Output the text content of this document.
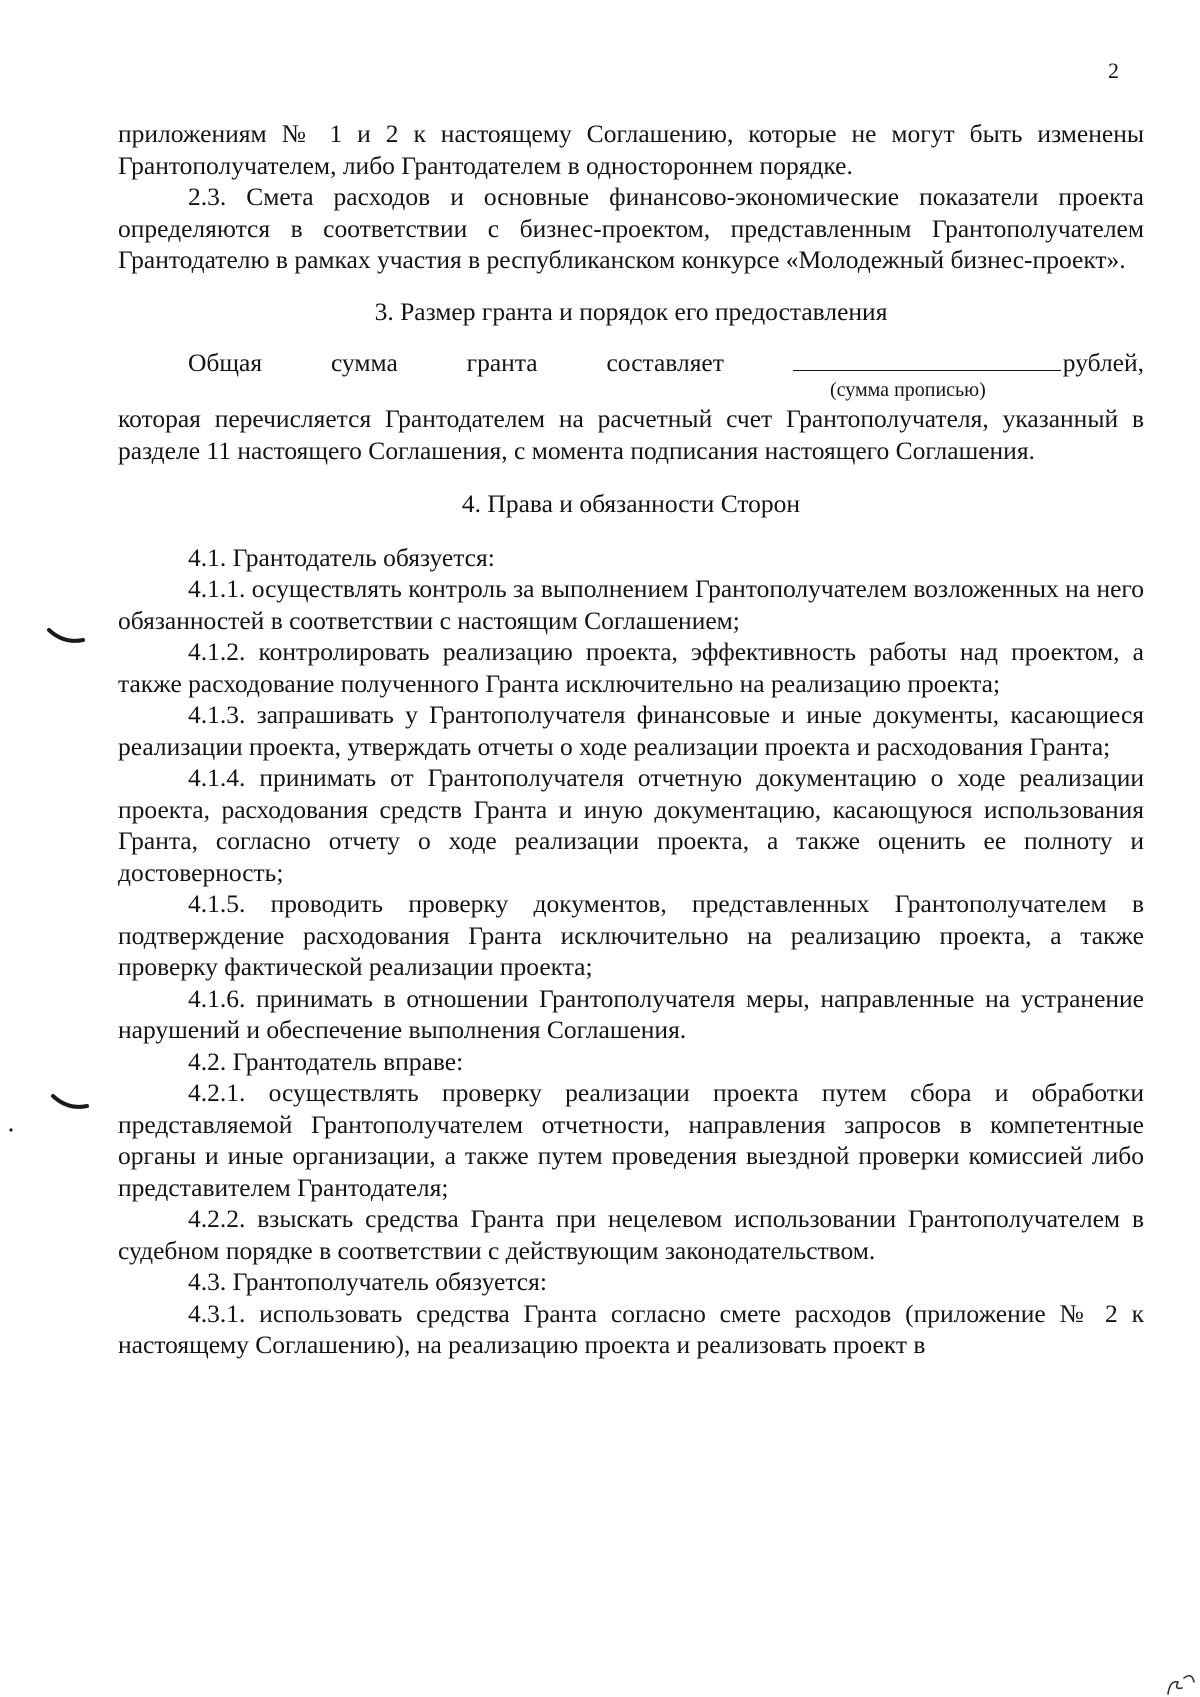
2

приложениям № 1 и 2 к настоящему Соглашению, которые не могут быть изменены Грантополучателем, либо Грантодателем в одностороннем порядке.

2.3. Смета расходов и основные финансово-экономические показатели проекта определяются в соответствии с бизнес-проектом, представленным Грантополучателем Грантодателю в рамках участия в республиканском конкурсе «Молодежный бизнес-проект».

3. Размер гранта и порядок его предоставления
Общая	сумма	гранта	составляет	рублей,
(сумма прописью)

которая перечисляется Грантодателем на расчетный счет Грантополучателя, указанный в разделе 11 настоящего Соглашения, с момента подписания настоящего Соглашения.

4. Права и обязанности Сторон

4.1. Грантодатель обязуется:

4.1.1. осуществлять контроль за выполнением Грантополучателем возложенных на него обязанностей в соответствии с настоящим Соглашением;

4.1.2. контролировать реализацию проекта, эффективность работы над проектом, а также расходование полученного Гранта исключительно на реализацию проекта;

4.1.3. запрашивать у Грантополучателя финансовые и иные документы, касающиеся реализации проекта, утверждать отчеты о ходе реализации проекта и расходования Гранта;

4.1.4. принимать от Грантополучателя отчетную документацию о ходе реализации проекта, расходования средств Гранта и иную документацию, касающуюся использования Гранта, согласно отчету о ходе реализации проекта, а также оценить ее полноту и достоверность;

4.1.5. проводить проверку документов, представленных Грантополучателем в подтверждение расходования Гранта исключительно на реализацию проекта, а также проверку фактической реализации проекта;

4.1.6. принимать в отношении Грантополучателя меры, направленные на устранение нарушений и обеспечение выполнения Соглашения.

4.2. Грантодатель вправе:

4.2.1. осуществлять проверку реализации проекта путем сбора и обработки представляемой Грантополучателем отчетности, направления запросов в компетентные органы и иные организации, а также путем проведения выездной проверки комиссией либо представителем Грантодателя;

4.2.2. взыскать средства Гранта при нецелевом использовании Грантополучателем в судебном порядке в соответствии с действующим законодательством.

4.3. Грантополучатель обязуется:

4.3.1. использовать средства Гранта согласно смете расходов (приложение № 2 к настоящему Соглашению), на реализацию проекта и реализовать проект в
